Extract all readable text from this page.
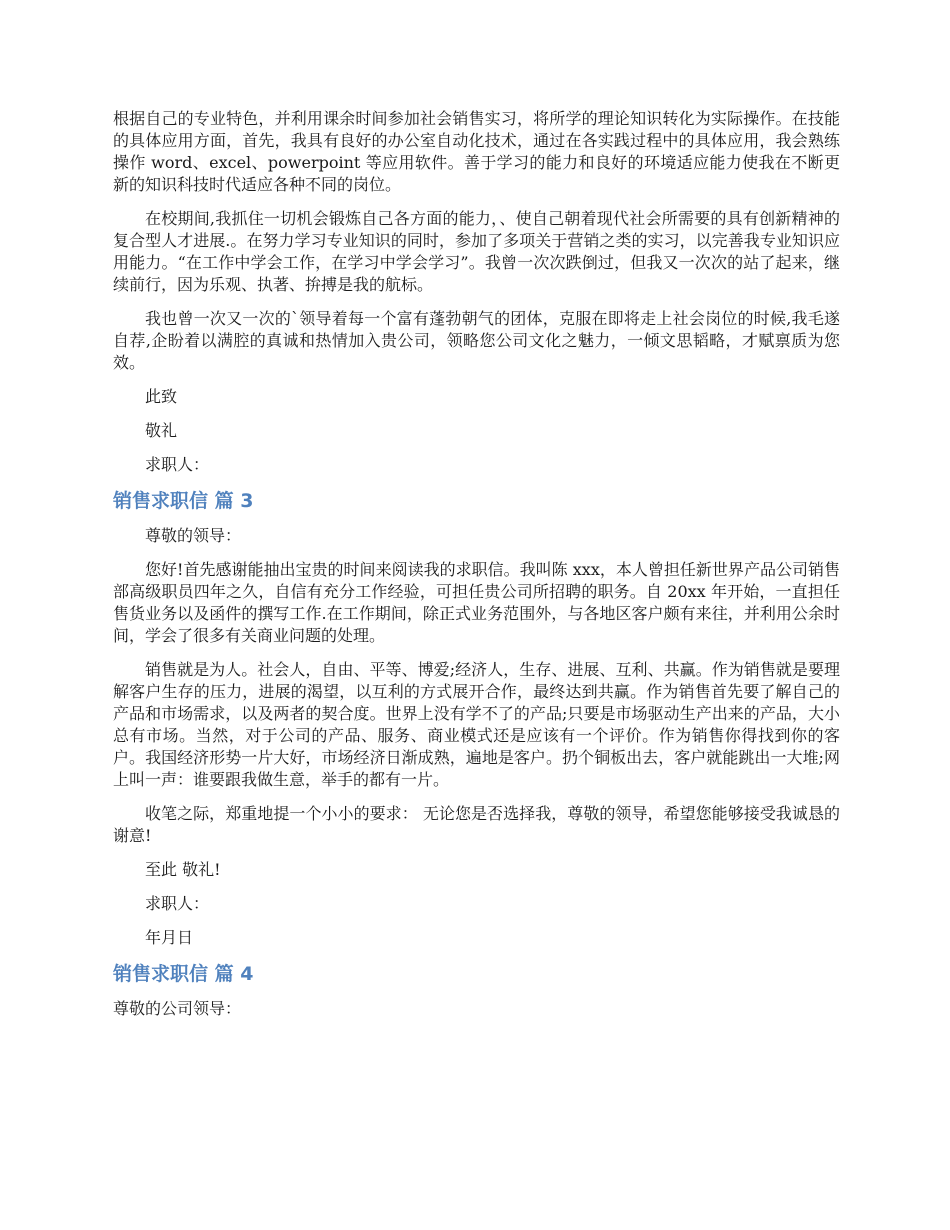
根据自己的专业特色，并利用课余时间参加社会销售实习，将所学的理论知识转化为实际操作。在技能的具体应用方面，首先，我具有良好的办公室自动化技术，通过在各实践过程中的具体应用，我会熟练操作 word、excel、powerpoint 等应用软件。善于学习的能力和良好的环境适应能力使我在不断更新的知识科技时代适应各种不同的岗位。

在校期间,我抓住一切机会锻炼自己各方面的能力，、使自己朝着现代社会所需要的具有创新精神的复合型人才进展.。在努力学习专业知识的同时，参加了多项关于营销之类的实习，以完善我专业知识应用能力。“在工作中学会工作，在学习中学会学习”。我曾一次次跌倒过，但我又一次次的站了起来，继续前行，因为乐观、执著、拚搏是我的航标。

我也曾一次又一次的`领导着每一个富有蓬勃朝气的团体，克服在即将走上社会岗位的时候,我毛遂自荐,企盼着以满腔的真诚和热情加入贵公司，领略您公司文化之魅力，一倾文思韬略，才赋禀质为您效。

此致

敬礼

求职人：

销售求职信 篇 3

尊敬的领导：

您好!首先感谢能抽出宝贵的时间来阅读我的求职信。我叫陈 xxx，本人曾担任新世界产品公司销售部高级职员四年之久，自信有充分工作经验，可担任贵公司所招聘的职务。自 20xx 年开始，一直担任售货业务以及函件的撰写工作.在工作期间，除正式业务范围外，与各地区客户颇有来往，并利用公余时间，学会了很多有关商业问题的处理。

销售就是为人。社会人，自由、平等、博爱;经济人，生存、进展、互利、共赢。作为销售就是要理解客户生存的压力，进展的渴望，以互利的方式展开合作，最终达到共赢。作为销售首先要了解自己的产品和市场需求，以及两者的契合度。世界上没有学不了的产品;只要是市场驱动生产出来的产品，大小总有市场。当然，对于公司的产品、服务、商业模式还是应该有一个评价。作为销售你得找到你的客户。我国经济形势一片大好，市场经济日渐成熟，遍地是客户。扔个铜板出去，客户就能跳出一大堆;网上叫一声：谁要跟我做生意，举手的都有一片。

收笔之际，郑重地提一个小小的要求： 无论您是否选择我，尊敬的领导，希望您能够接受我诚恳的谢意!

至此 敬礼!

求职人：

年月日

销售求职信 篇 4

尊敬的公司领导：
